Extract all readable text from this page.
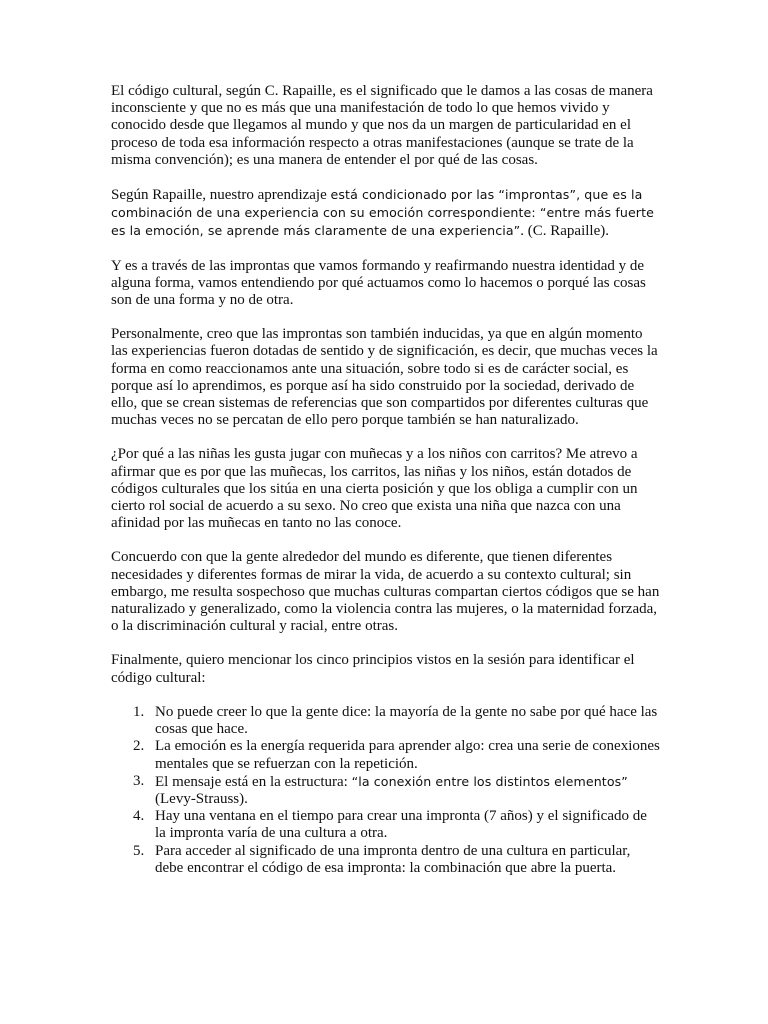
El código cultural, según C. Rapaille, es el significado que le damos a las cosas de manera inconsciente y que no es más que una manifestación de todo lo que hemos vivido y conocido desde que llegamos al mundo y que nos da un margen de particularidad en el proceso de toda esa información respecto a otras manifestaciones (aunque se trate de la misma convención); es una manera de entender el por qué de las cosas.

Según Rapaille, nuestro aprendizaje está condicionado por las “improntas”, que es la combinación de una experiencia con su emoción correspondiente: “entre más fuerte es la emoción, se aprende más claramente de una experiencia”. (C. Rapaille).

Y es a través de las improntas que vamos formando y reafirmando nuestra identidad y de alguna forma, vamos entendiendo por qué actuamos como lo hacemos o porqué las cosas son de una forma y no de otra.

Personalmente, creo que las improntas son también inducidas, ya que en algún momento las experiencias fueron dotadas de sentido y de significación, es decir, que muchas veces la forma en como reaccionamos ante una situación, sobre todo si es de carácter social, es porque así lo aprendimos, es porque así ha sido construido por la sociedad, derivado de ello, que se crean sistemas de referencias que son compartidos por diferentes culturas que muchas veces no se percatan de ello pero porque también se han naturalizado.

¿Por qué a las niñas les gusta jugar con muñecas y a los niños con carritos? Me atrevo a afirmar que es por que las muñecas, los carritos, las niñas y los niños, están dotados de códigos culturales que los sitúa en una cierta posición y que los obliga a cumplir con un cierto rol social de acuerdo a su sexo. No creo que exista una niña que nazca con una afinidad por las muñecas en tanto no las conoce.

Concuerdo con que la gente alrededor del mundo es diferente, que tienen diferentes necesidades y diferentes formas de mirar la vida, de acuerdo a su contexto cultural; sin embargo, me resulta sospechoso que muchas culturas compartan ciertos códigos que se han naturalizado y generalizado, como la violencia contra las mujeres, o la maternidad forzada, o la discriminación cultural y racial, entre otras.

Finalmente, quiero mencionar los cinco principios vistos en la sesión para identificar el código cultural:

1. No puede creer lo que la gente dice: la mayoría de la gente no sabe por qué hace las cosas que hace.
2. La emoción es la energía requerida para aprender algo: crea una serie de conexiones mentales que se refuerzan con la repetición.
3. El mensaje está en la estructura: “la conexión entre los distintos elementos” (Levy-Strauss).
4. Hay una ventana en el tiempo para crear una impronta (7 años) y el significado de la impronta varía de una cultura a otra.
5. Para acceder al significado de una impronta dentro de una cultura en particular, debe encontrar el código de esa impronta: la combinación que abre la puerta.
